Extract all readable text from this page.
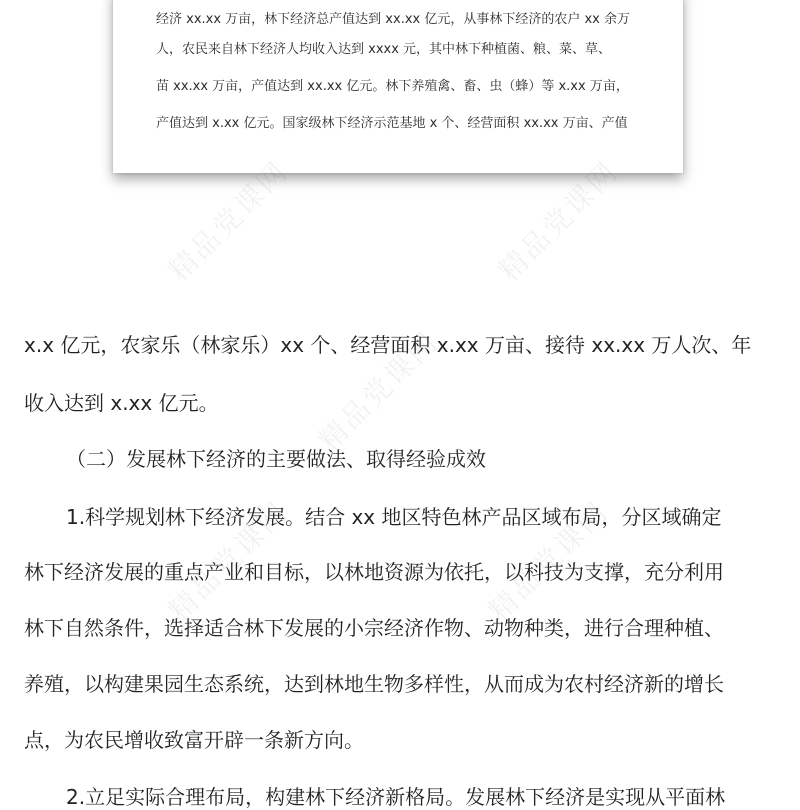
经济 xx.xx 万亩，林下经济总产值达到 xx.xx 亿元，从事林下经济的农户 xx 余万
人，农民来自林下经济人均收入达到 xxxx 元，其中林下种植菌、粮、菜、草、
苗 xx.xx 万亩，产值达到 xx.xx 亿元。林下养殖禽、畜、虫（蜂）等 x.xx 万亩，
产值达到 x.xx 亿元。国家级林下经济示范基地 x 个、经营面积 xx.xx 万亩、产值
精品党课网	精品党课网
精品党课网
精品党课网	精品党课网
x.x 亿元，农家乐（林家乐）xx 个、经营面积 x.xx 万亩、接待 xx.xx 万人次、年
收入达到 x.xx 亿元。
（二）发展林下经济的主要做法、取得经验成效
1.科学规划林下经济发展。结合 xx 地区特色林产品区域布局，分区域确定
林下经济发展的重点产业和目标，以林地资源为依托，以科技为支撑，充分利用
林下自然条件，选择适合林下发展的小宗经济作物、动物种类，进行合理种植、
养殖，以构建果园生态系统，达到林地生物多样性，从而成为农村经济新的增长
点，为农民增收致富开辟一条新方向。
2.立足实际合理布局，构建林下经济新格局。发展林下经济是实现从平面林
